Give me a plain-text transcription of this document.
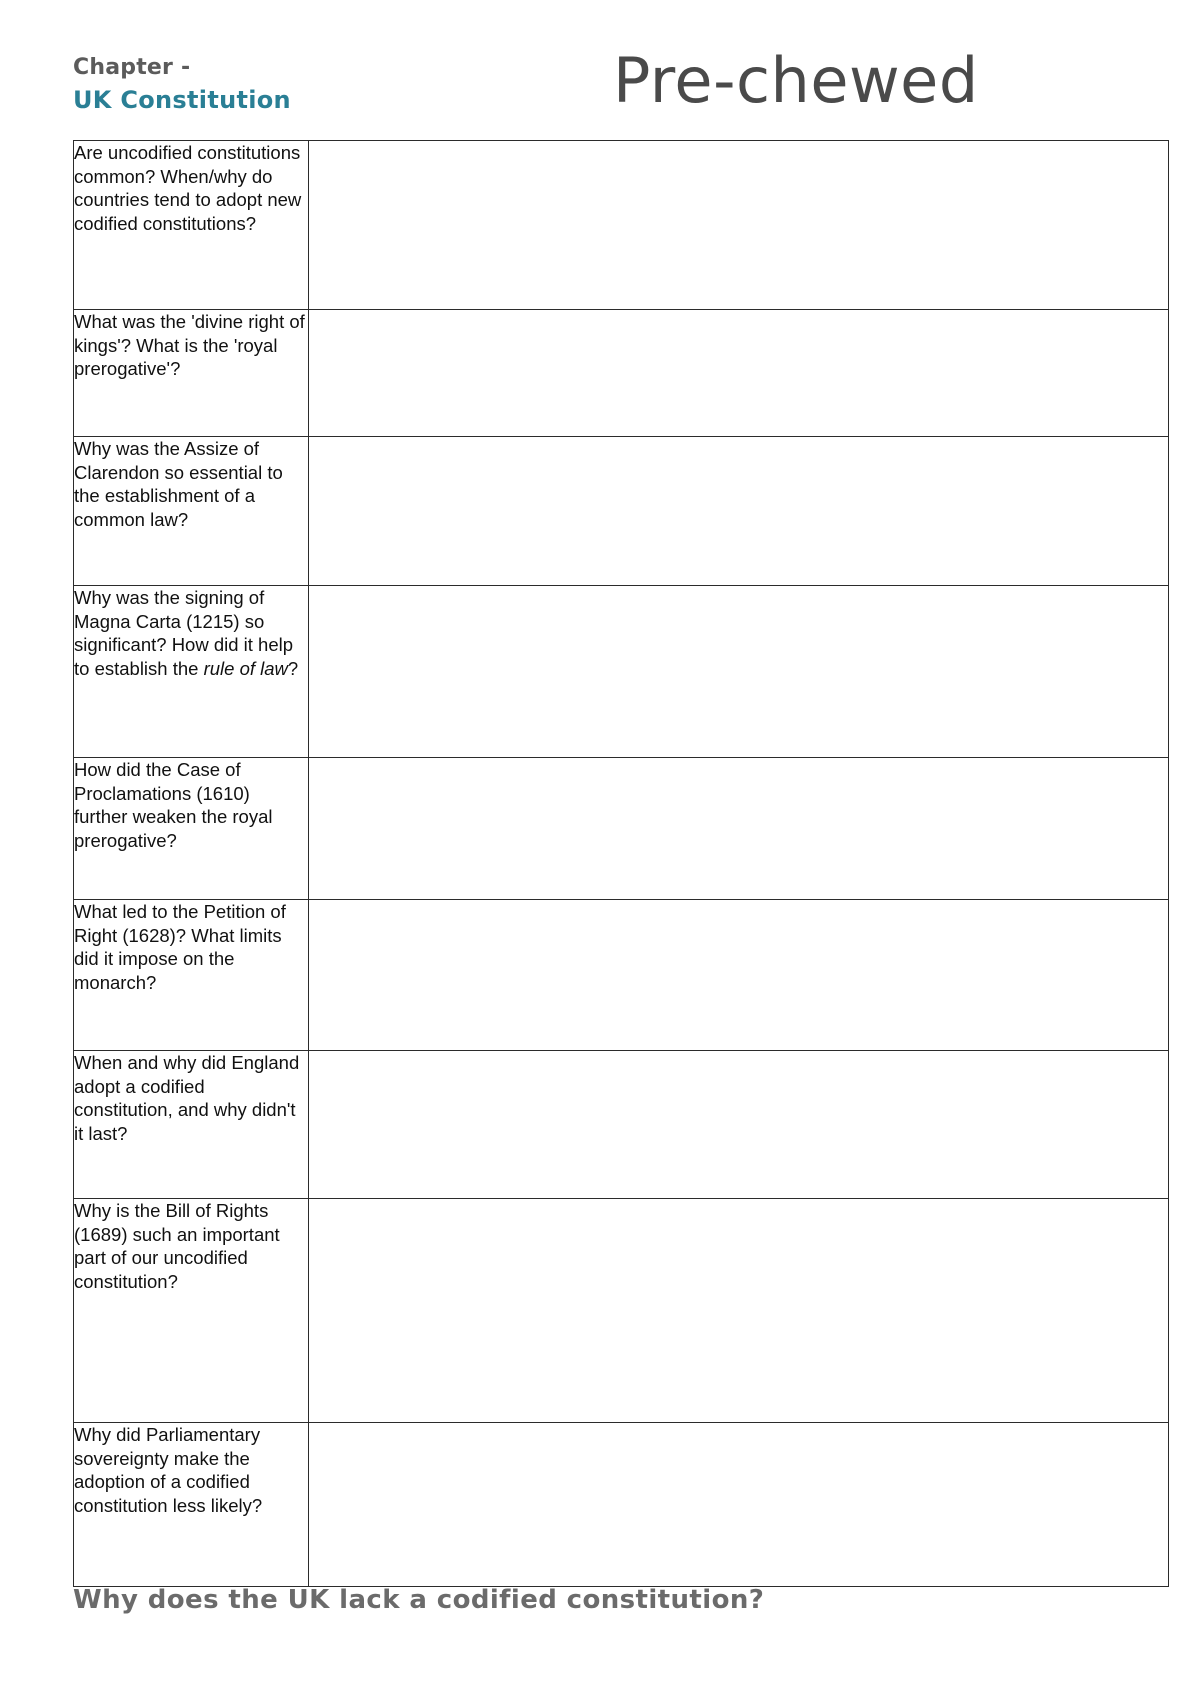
Chapter -
UK Constitution	Pre-chewed
Are uncodified constitutions common? When/why do countries tend to adopt new codified constitutions?	
What was the 'divine right of kings'? What is the 'royal prerogative'?	
Why was the Assize of Clarendon so essential to the establishment of a common law?	
Why was the signing of Magna Carta (1215) so significant? How did it help to establish the rule of law?	
How did the Case of Proclamations (1610) further weaken the royal prerogative?	
What led to the Petition of Right (1628)? What limits did it impose on the monarch?	
When and why did England adopt a codified constitution, and why didn't it last?	
Why is the Bill of Rights (1689) such an important part of our uncodified constitution?	
Why did Parliamentary sovereignty make the adoption of a codified constitution less likely?	
Why does the UK lack a codified constitution?
